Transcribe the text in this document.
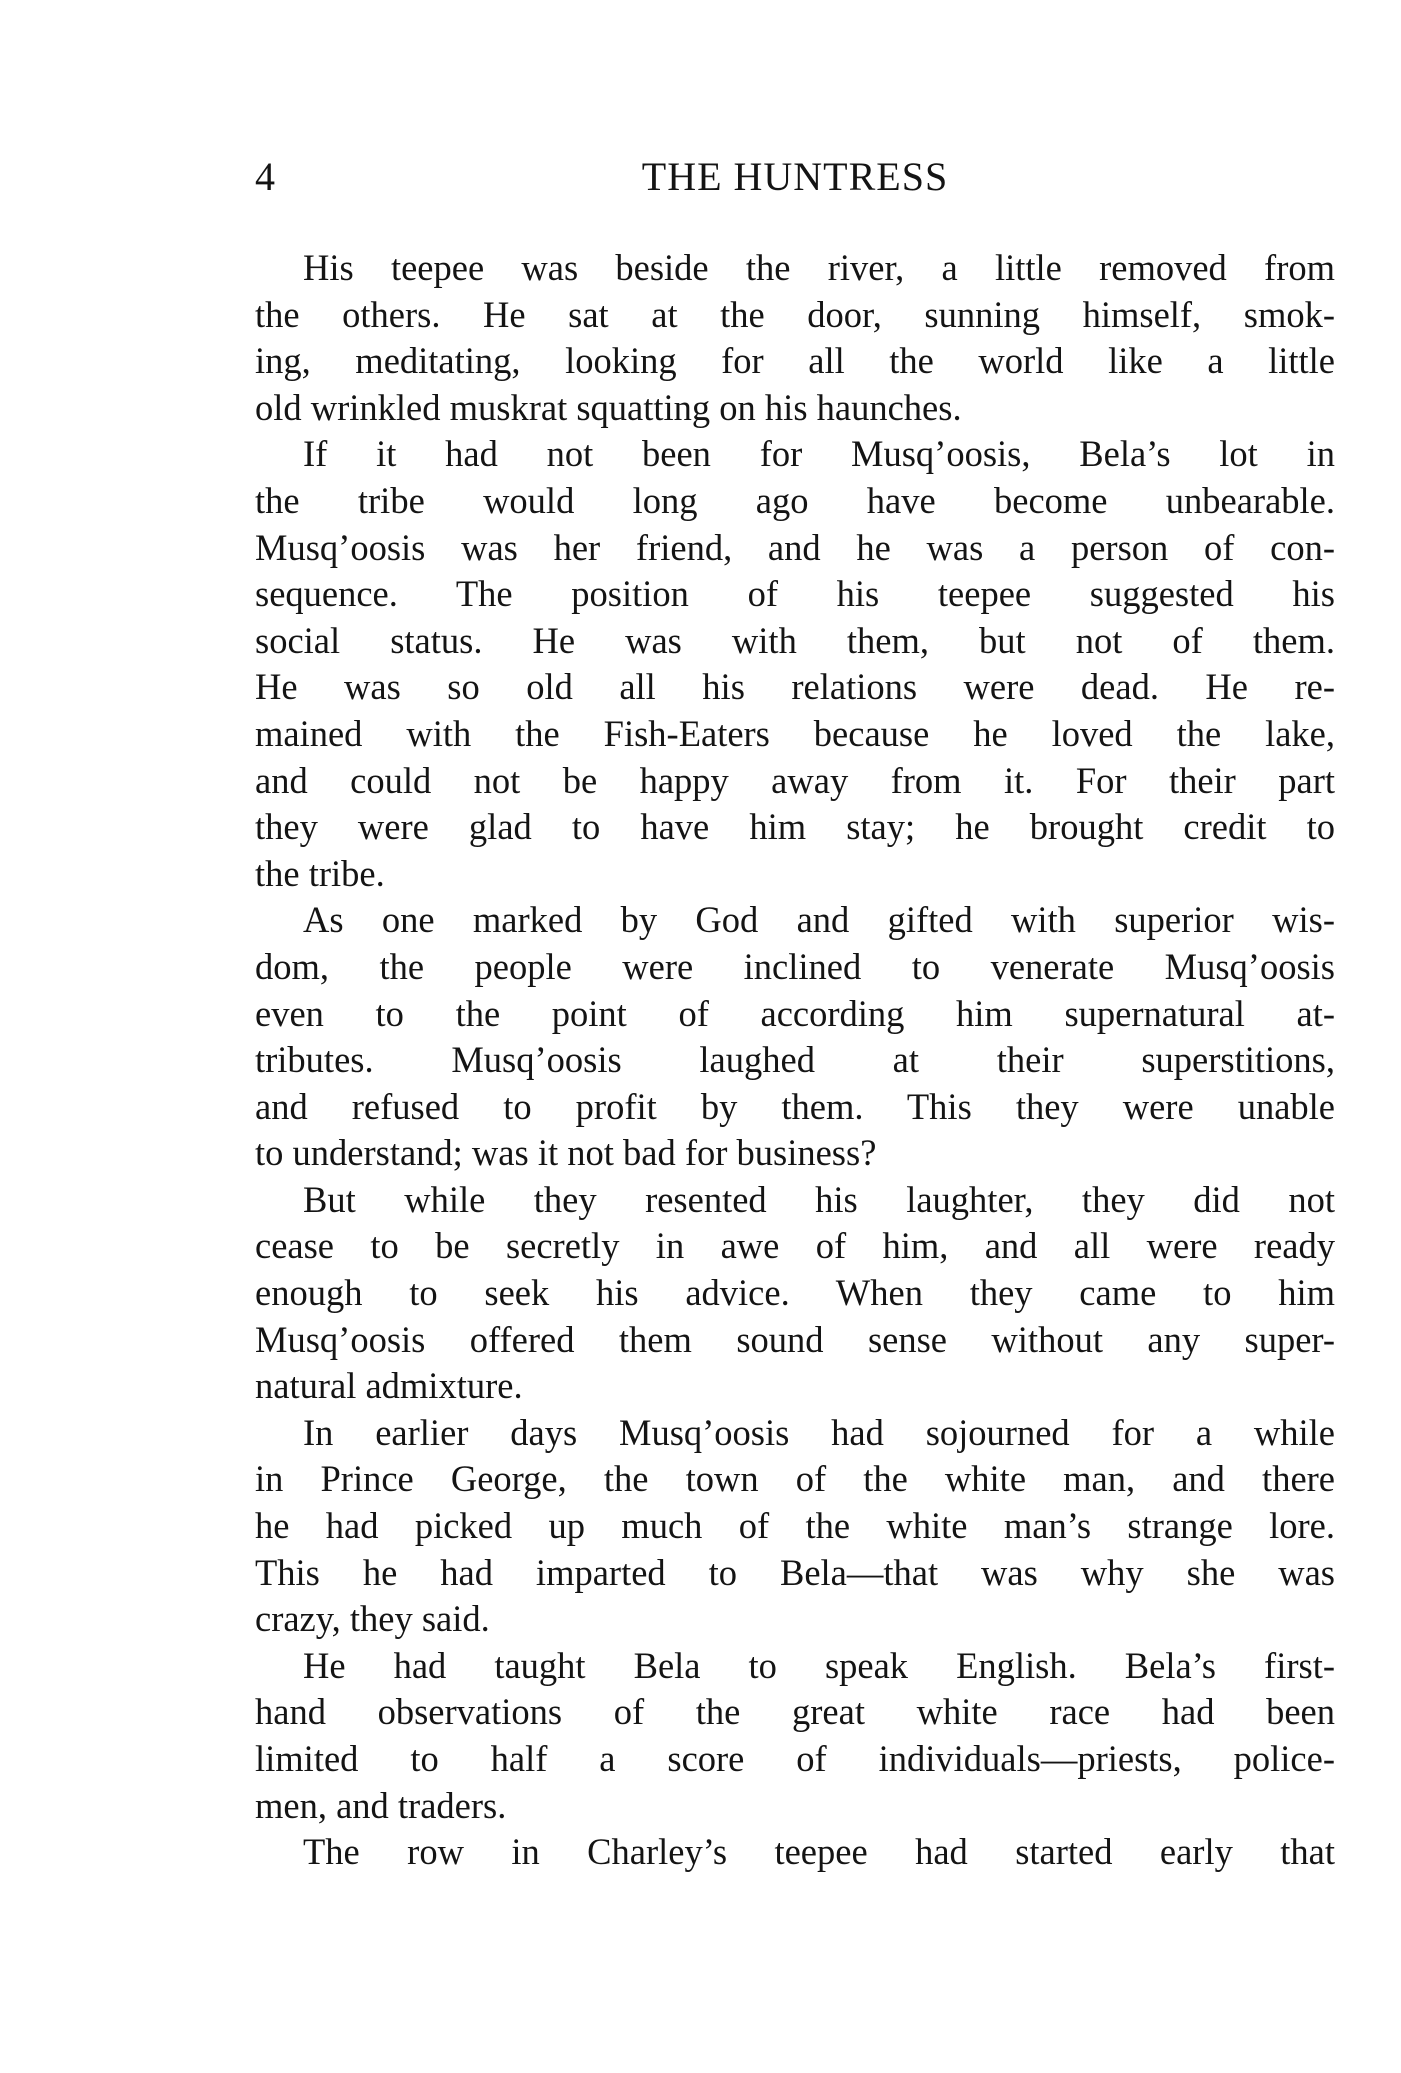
4	THE HUNTRESS
His teepee was beside the river, a little removed from
the others. He sat at the door, sunning himself, smok-
ing, meditating, looking for all the world like a little
old wrinkled muskrat squatting on his haunches.
If it had not been for Musq’oosis, Bela’s lot in
the tribe would long ago have become unbearable.
Musq’oosis was her friend, and he was a person of con-
sequence. The position of his teepee suggested his
social status. He was with them, but not of them.
He was so old all his relations were dead. He re-
mained with the Fish-Eaters because he loved the lake,
and could not be happy away from it. For their part
they were glad to have him stay; he brought credit to
the tribe.
As one marked by God and gifted with superior wis-
dom, the people were inclined to venerate Musq’oosis
even to the point of according him supernatural at-
tributes. Musq’oosis laughed at their superstitions,
and refused to profit by them. This they were unable
to understand; was it not bad for business?
But while they resented his laughter, they did not
cease to be secretly in awe of him, and all were ready
enough to seek his advice. When they came to him
Musq’oosis offered them sound sense without any super-
natural admixture.
In earlier days Musq’oosis had sojourned for a while
in Prince George, the town of the white man, and there
he had picked up much of the white man’s strange lore.
This he had imparted to Bela—that was why she was
crazy, they said.
He had taught Bela to speak English. Bela’s first-
hand observations of the great white race had been
limited to half a score of individuals—priests, police-
men, and traders.
The row in Charley’s teepee had started early that
